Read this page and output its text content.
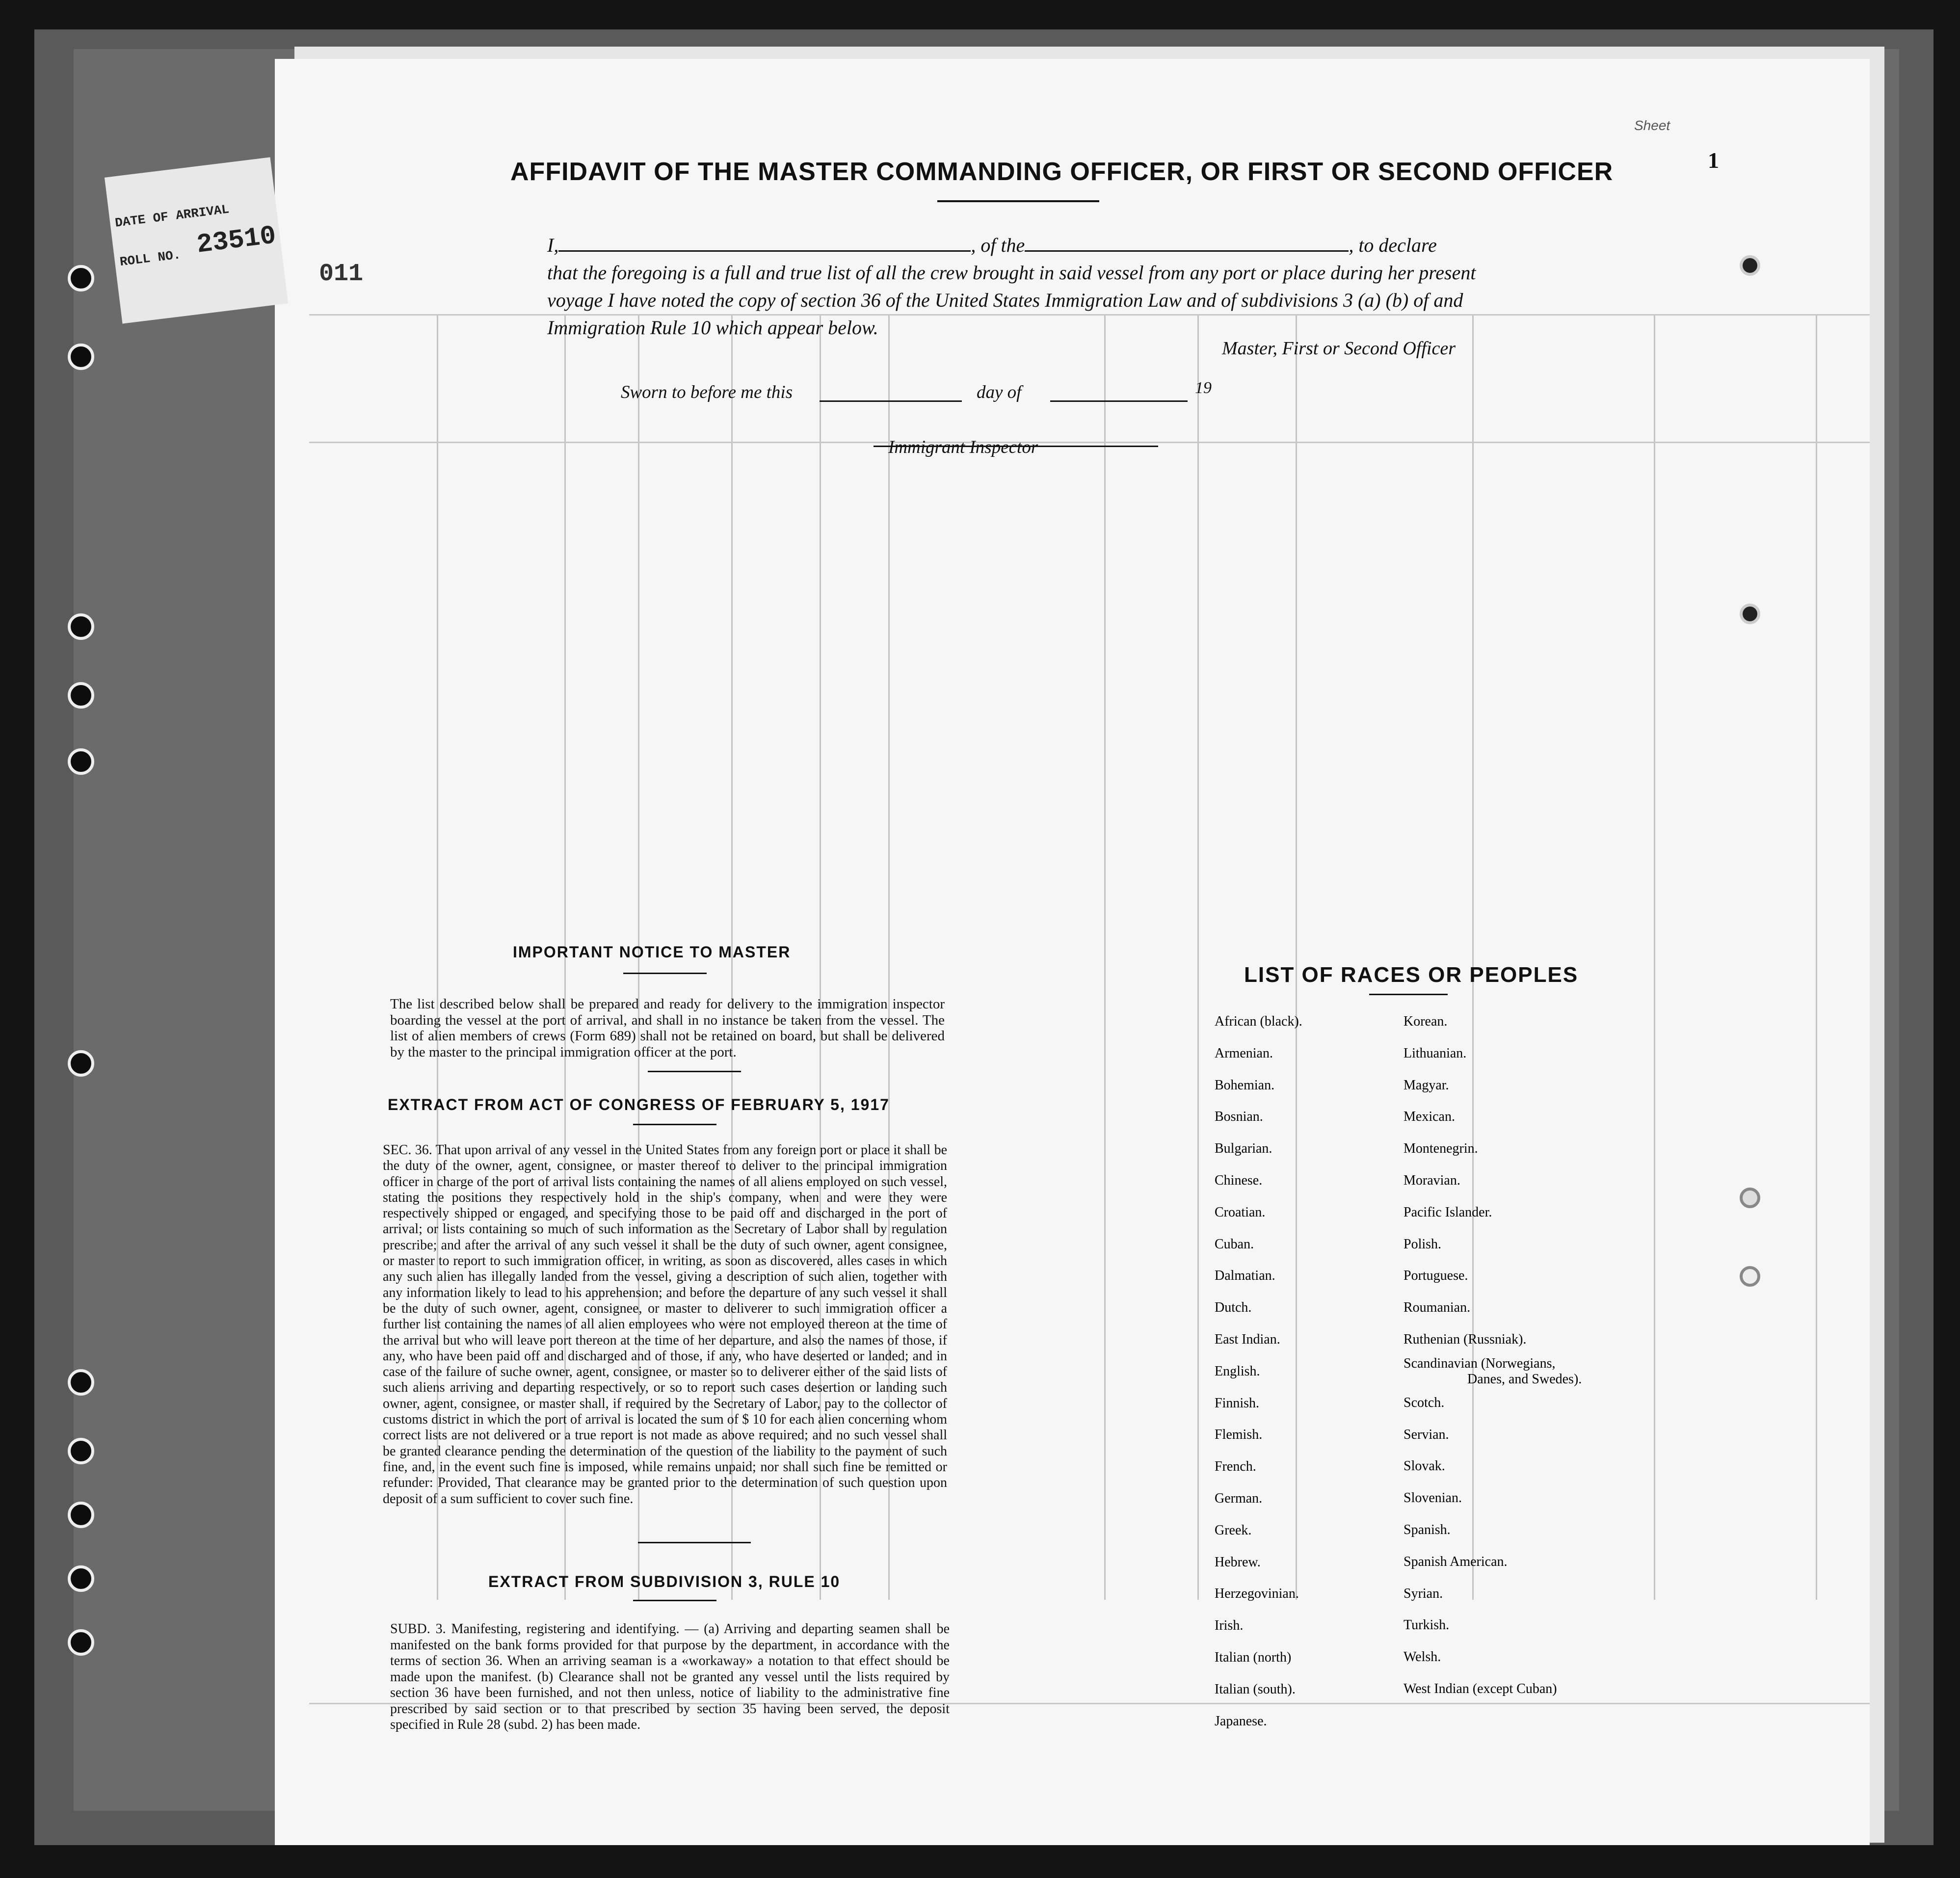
DATE OF ARRIVAL
ROLL NO. 23510
011
Sheet
1
AFFIDAVIT OF THE MASTER COMMANDING OFFICER, OR FIRST OR SECOND OFFICER
I,	, of the	, to declare
that the foregoing is a full and true list of all the crew brought in said vessel from any port or place during her present voyage I have noted the copy of section 36 of the United States Immigration Law and of subdivisions 3 (a) (b) of and Immigration Rule 10 which appear below.
Master, First or Second Officer
Sworn to before me this	day of	19
Immigrant Inspector
IMPORTANT NOTICE TO MASTER
The list described below shall be prepared and ready for delivery to the immigration inspector boarding the vessel at the port of arrival, and shall in no instance be taken from the vessel. The list of alien members of crews (Form 689) shall not be retained on board, but shall be delivered by the master to the principal immigration officer at the port.
EXTRACT FROM ACT OF CONGRESS OF FEBRUARY 5, 1917
SEC. 36. That upon arrival of any vessel in the United States from any foreign port or place it shall be the duty of the owner, agent, consignee, or master thereof to deliver to the principal immigration officer in charge of the port of arrival lists containing the names of all aliens employed on such vessel, stating the positions they respectively hold in the ship's company, when and were they were respectively shipped or engaged, and specifying those to be paid off and discharged in the port of arrival; or lists containing so much of such information as the Secretary of Labor shall by regulation prescribe; and after the arrival of any such vessel it shall be the duty of such owner, agent consignee, or master to report to such immigration officer, in writing, as soon as discovered, alles cases in which any such alien has illegally landed from the vessel, giving a description of such alien, together with any information likely to lead to his apprehension; and before the departure of any such vessel it shall be the duty of such owner, agent, consignee, or master to deliverer to such immigration officer a further list containing the names of all alien employees who were not employed thereon at the time of the arrival but who will leave port thereon at the time of her departure, and also the names of those, if any, who have been paid off and discharged and of those, if any, who have deserted or landed; and in case of the failure of suche owner, agent, consignee, or master so to deliverer either of the said lists of such aliens arriving and departing respectively, or so to report such cases desertion or landing such owner, agent, consignee, or master shall, if required by the Secretary of Labor, pay to the collector of customs district in which the port of arrival is located the sum of $ 10 for each alien concerning whom correct lists are not delivered or a true report is not made as above required; and no such vessel shall be granted clearance pending the determination of the question of the liability to the payment of such fine, and, in the event such fine is imposed, while remains unpaid; nor shall such fine be remitted or refunder: Provided, That clearance may be granted prior to the determination of such question upon deposit of a sum sufficient to cover such fine.
EXTRACT FROM SUBDIVISION 3, RULE 10
SUBD. 3. Manifesting, registering and identifying. — (a) Arriving and departing seamen shall be manifested on the bank forms provided for that purpose by the department, in accordance with the terms of section 36. When an arriving seaman is a «workaway» a notation to that effect should be made upon the manifest. (b) Clearance shall not be granted any vessel until the lists required by section 36 have been furnished, and not then unless, notice of liability to the administrative fine prescribed by said section or to that prescribed by section 35 having been served, the deposit specified in Rule 28 (subd. 2) has been made.
LIST OF RACES OR PEOPLES
African (black).
Armenian.
Bohemian.
Bosnian.
Bulgarian.
Chinese.
Croatian.
Cuban.
Dalmatian.
Dutch.
East Indian.
English.
Finnish.
Flemish.
French.
German.
Greek.
Hebrew.
Herzegovinian.
Irish.
Italian (north)
Italian (south).
Japanese.
Korean.
Lithuanian.
Magyar.
Mexican.
Montenegrin.
Moravian.
Pacific Islander.
Polish.
Portuguese.
Roumanian.
Ruthenian (Russniak).
Scandinavian (Norwegians,
Danes, and Swedes).
Scotch.
Servian.
Slovak.
Slovenian.
Spanish.
Spanish American.
Syrian.
Turkish.
Welsh.
West Indian (except Cuban)
